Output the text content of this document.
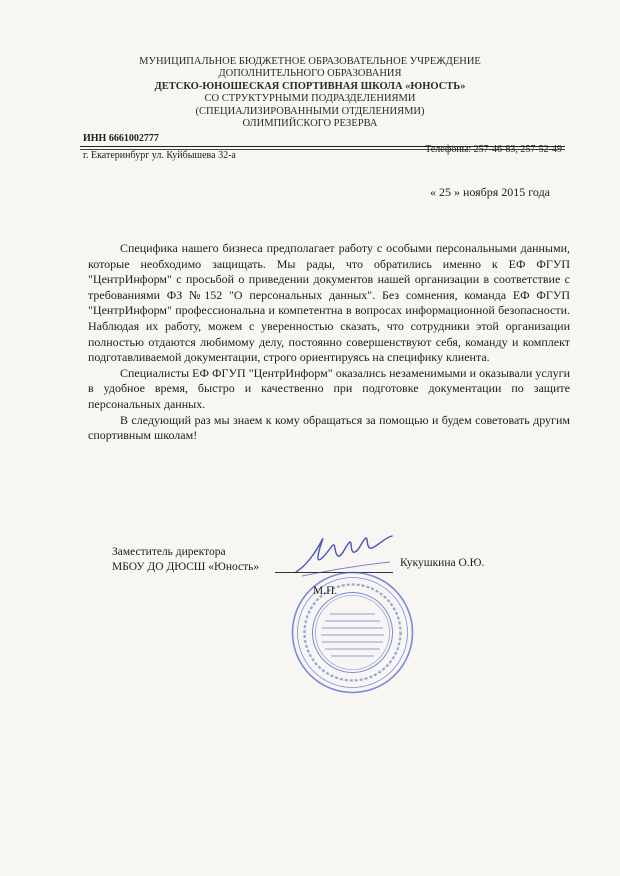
МУНИЦИПАЛЬНОЕ БЮДЖЕТНОЕ ОБРАЗОВАТЕЛЬНОЕ УЧРЕЖДЕНИЕ
ДОПОЛНИТЕЛЬНОГО ОБРАЗОВАНИЯ
ДЕТСКО-ЮНОШЕСКАЯ СПОРТИВНАЯ ШКОЛА «ЮНОСТЬ»
СО СТРУКТУРНЫМИ ПОДРАЗДЕЛЕНИЯМИ
(СПЕЦИАЛИЗИРОВАННЫМИ ОТДЕЛЕНИЯМИ)
ОЛИМПИЙСКОГО РЕЗЕРВА
ИНН 6661002777
г. Екатеринбург ул. Куйбышева 32-а
Телефоны: 257-46-83, 257-52-49
« 25 » ноября 2015 года

Специфика нашего бизнеса предполагает работу с особыми персональными данными, которые необходимо защищать. Мы рады, что обратились именно к ЕФ ФГУП "ЦентрИнформ" с просьбой о приведении документов нашей организации в соответствие с требованиями ФЗ №152 "О персональных данных". Без сомнения, команда ЕФ ФГУП "ЦентрИнформ" профессиональна и компетентна в вопросах информационной безопасности. Наблюдая их работу, можем с уверенностью сказать, что сотрудники этой организации полностью отдаются любимому делу, постоянно совершенствуют себя, команду и комплект подготавливаемой документации, строго ориентируясь на специфику клиента.

Специалисты ЕФ ФГУП "ЦентрИнформ" оказались незаменимыми и оказывали услуги в удобное время, быстро и качественно при подготовке документации по защите персональных данных.

В следующий раз мы знаем к кому обращаться за помощью и будем советовать другим спортивным школам!

Заместитель директора
МБОУ ДО ДЮСШ «Юность»	Кукушкина О.Ю.
М.П.
